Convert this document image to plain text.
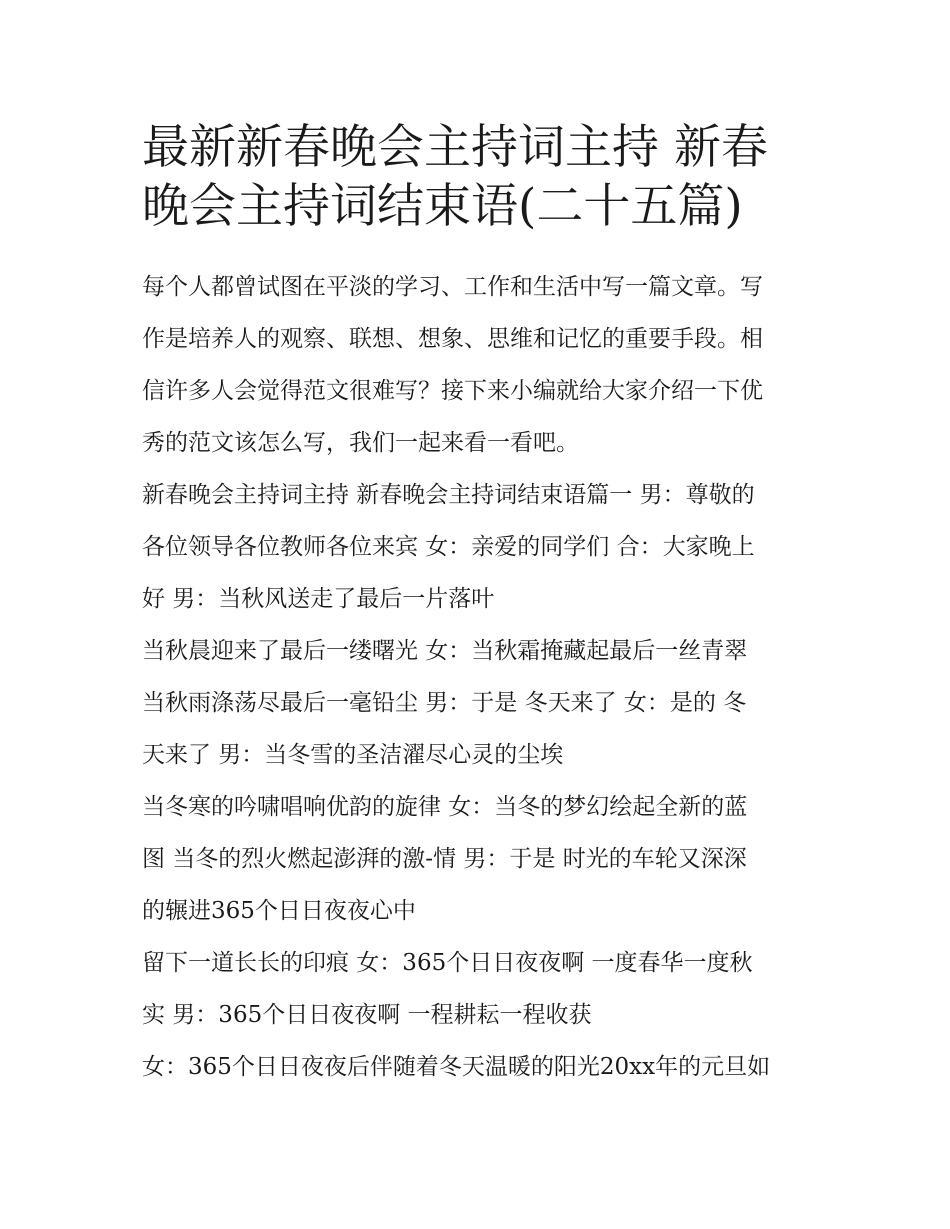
最新新春晚会主持词主持 新春
晚会主持词结束语(二十五篇)
每个人都曾试图在平淡的学习、工作和生活中写一篇文章。写
作是培养人的观察、联想、想象、思维和记忆的重要手段。相
信许多人会觉得范文很难写？接下来小编就给大家介绍一下优
秀的范文该怎么写，我们一起来看一看吧。
新春晚会主持词主持 新春晚会主持词结束语篇一 男：尊敬的
各位领导各位教师各位来宾 女：亲爱的同学们 合：大家晚上
好 男：当秋风送走了最后一片落叶
当秋晨迎来了最后一缕曙光 女：当秋霜掩藏起最后一丝青翠
当秋雨涤荡尽最后一毫铅尘 男：于是 冬天来了 女：是的 冬
天来了 男：当冬雪的圣洁濯尽心灵的尘埃
当冬寒的吟啸唱响优韵的旋律 女：当冬的梦幻绘起全新的蓝
图 当冬的烈火燃起澎湃的激-情 男：于是 时光的车轮又深深
的辗进365个日日夜夜心中
留下一道长长的印痕 女：365个日日夜夜啊 一度春华一度秋
实 男：365个日日夜夜啊 一程耕耘一程收获
女：365个日日夜夜后伴随着冬天温暖的阳光20xx年的元旦如
